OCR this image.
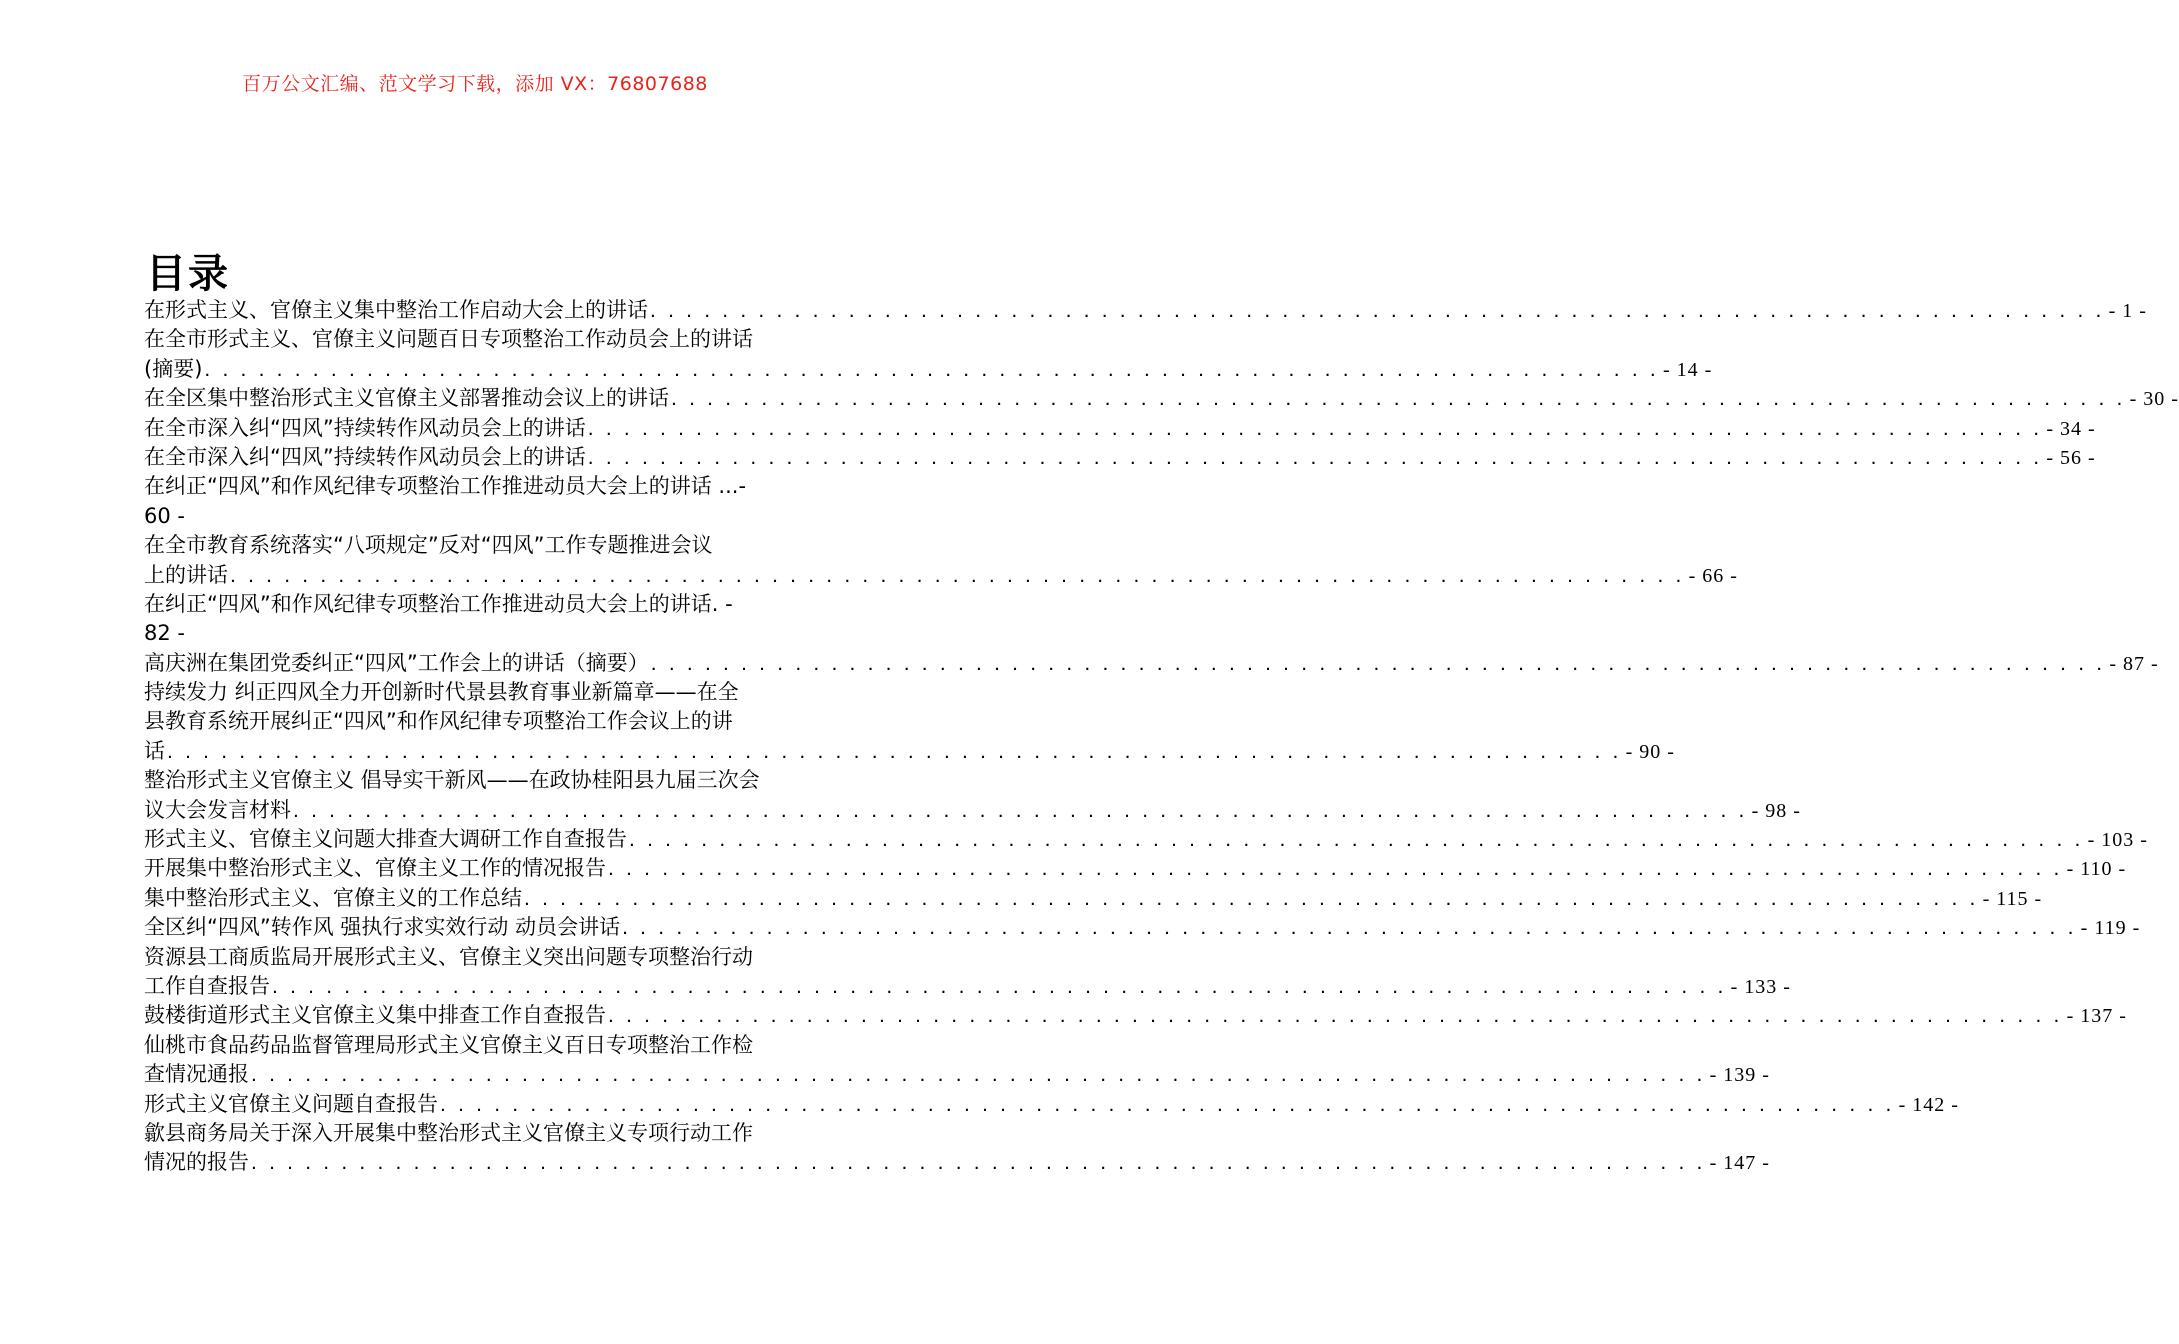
百万公文汇编、范文学习下载，添加 VX：76807688
目录
在形式主义、官僚主义集中整治工作启动大会上的讲话 . . . . . . . . . . . . . . . . . . . . . . . . . . . . . . . . . . . . . . . . . . . . . . . . . . . . . . . . . . . . . . . . . . . . . . . . . . . . . . . . . - 1 -
在全市形式主义、官僚主义问题百日专项整治工作动员会上的讲话
(摘要) . . . . . . . . . . . . . . . . . . . . . . . . . . . . . . . . . . . . . . . . . . . . . . . . . . . . . . . . . . . . . . . . . . . . . . . . . . . . . . . . . - 14 -
在全区集中整治形式主义官僚主义部署推动会议上的讲话 . . . . . . . . . . . . . . . . . . . . . . . . . . . . . . . . . . . . . . . . . . . . . . . . . . . . . . . . . . . . . . . . . . . . . . . . . . . . . . . . . - 30 -
在全市深入纠“四风”持续转作风动员会上的讲话 . . . . . . . . . . . . . . . . . . . . . . . . . . . . . . . . . . . . . . . . . . . . . . . . . . . . . . . . . . . . . . . . . . . . . . . . . . . . . . . . . - 34 -
在全市深入纠“四风”持续转作风动员会上的讲话 . . . . . . . . . . . . . . . . . . . . . . . . . . . . . . . . . . . . . . . . . . . . . . . . . . . . . . . . . . . . . . . . . . . . . . . . . . . . . . . . . - 56 -
在纠正“四风”和作风纪律专项整治工作推进动员大会上的讲话 ...-
60 -
在全市教育系统落实“八项规定”反对“四风”工作专题推进会议
上的讲话 . . . . . . . . . . . . . . . . . . . . . . . . . . . . . . . . . . . . . . . . . . . . . . . . . . . . . . . . . . . . . . . . . . . . . . . . . . . . . . . . . - 66 -
在纠正“四风”和作风纪律专项整治工作推进动员大会上的讲话. -
82 -
高庆洲在集团党委纠正“四风”工作会上的讲话（摘要） . . . . . . . . . . . . . . . . . . . . . . . . . . . . . . . . . . . . . . . . . . . . . . . . . . . . . . . . . . . . . . . . . . . . . . . . . . . . . . . . . - 87 -
持续发力 纠正四风全力开创新时代景县教育事业新篇章——在全
县教育系统开展纠正“四风”和作风纪律专项整治工作会议上的讲
话 . . . . . . . . . . . . . . . . . . . . . . . . . . . . . . . . . . . . . . . . . . . . . . . . . . . . . . . . . . . . . . . . . . . . . . . . . . . . . . . . . - 90 -
整治形式主义官僚主义 倡导实干新风——在政协桂阳县九届三次会
议大会发言材料 . . . . . . . . . . . . . . . . . . . . . . . . . . . . . . . . . . . . . . . . . . . . . . . . . . . . . . . . . . . . . . . . . . . . . . . . . . . . . . . . . - 98 -
形式主义、官僚主义问题大排查大调研工作自查报告 . . . . . . . . . . . . . . . . . . . . . . . . . . . . . . . . . . . . . . . . . . . . . . . . . . . . . . . . . . . . . . . . . . . . . . . . . . . . . . . . . - 103 -
开展集中整治形式主义、官僚主义工作的情况报告 . . . . . . . . . . . . . . . . . . . . . . . . . . . . . . . . . . . . . . . . . . . . . . . . . . . . . . . . . . . . . . . . . . . . . . . . . . . . . . . . . - 110 -
集中整治形式主义、官僚主义的工作总结 . . . . . . . . . . . . . . . . . . . . . . . . . . . . . . . . . . . . . . . . . . . . . . . . . . . . . . . . . . . . . . . . . . . . . . . . . . . . . . . . . - 115 -
全区纠“四风”转作风 强执行求实效行动 动员会讲话 . . . . . . . . . . . . . . . . . . . . . . . . . . . . . . . . . . . . . . . . . . . . . . . . . . . . . . . . . . . . . . . . . . . . . . . . . . . . . . . . . - 119 -
资源县工商质监局开展形式主义、官僚主义突出问题专项整治行动
工作自查报告 . . . . . . . . . . . . . . . . . . . . . . . . . . . . . . . . . . . . . . . . . . . . . . . . . . . . . . . . . . . . . . . . . . . . . . . . . . . . . . . . . - 133 -
鼓楼街道形式主义官僚主义集中排查工作自查报告 . . . . . . . . . . . . . . . . . . . . . . . . . . . . . . . . . . . . . . . . . . . . . . . . . . . . . . . . . . . . . . . . . . . . . . . . . . . . . . . . . - 137 -
仙桃市食品药品监督管理局形式主义官僚主义百日专项整治工作检
查情况通报 . . . . . . . . . . . . . . . . . . . . . . . . . . . . . . . . . . . . . . . . . . . . . . . . . . . . . . . . . . . . . . . . . . . . . . . . . . . . . . . . . - 139 -
形式主义官僚主义问题自查报告 . . . . . . . . . . . . . . . . . . . . . . . . . . . . . . . . . . . . . . . . . . . . . . . . . . . . . . . . . . . . . . . . . . . . . . . . . . . . . . . . . - 142 -
歙县商务局关于深入开展集中整治形式主义官僚主义专项行动工作
情况的报告 . . . . . . . . . . . . . . . . . . . . . . . . . . . . . . . . . . . . . . . . . . . . . . . . . . . . . . . . . . . . . . . . . . . . . . . . . . . . . . . . . - 147 -
